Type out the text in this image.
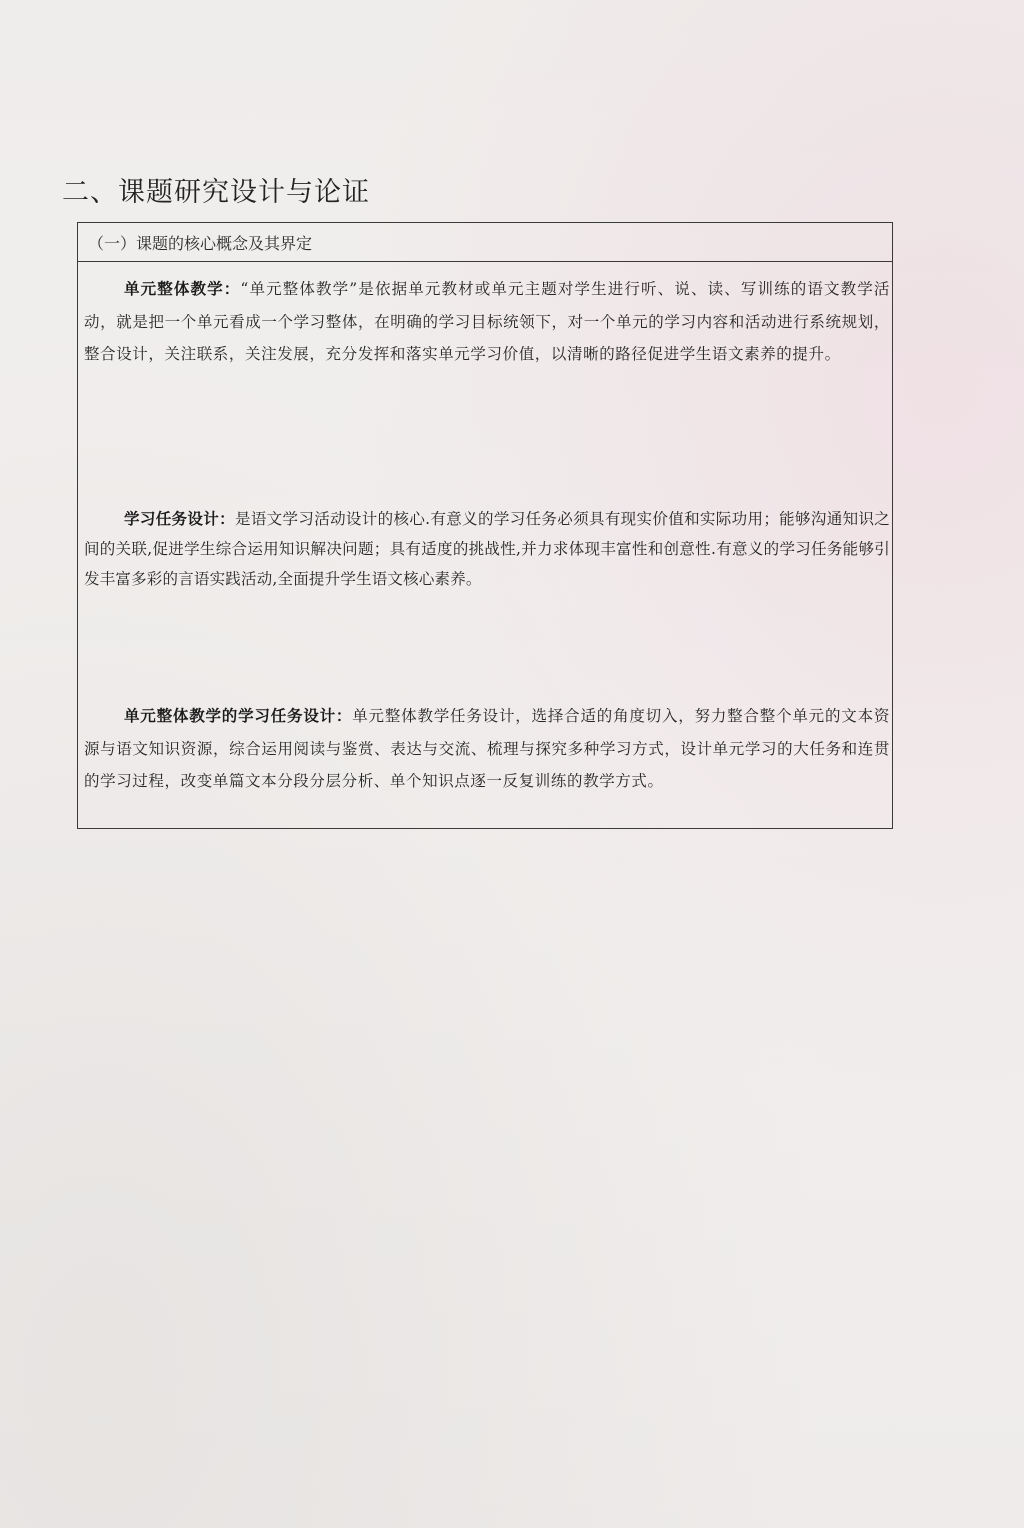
二、课题研究设计与论证
（一）课题的核心概念及其界定

单元整体教学：“单元整体教学”是依据单元教材或单元主题对学生进行听、说、读、写训练的语文教学活动，就是把一个单元看成一个学习整体，在明确的学习目标统领下，对一个单元的学习内容和活动进行系统规划，整合设计，关注联系，关注发展，充分发挥和落实单元学习价值，以清晰的路径促进学生语文素养的提升。

学习任务设计：是语文学习活动设计的核心.有意义的学习任务必须具有现实价值和实际功用；能够沟通知识之间的关联,促进学生综合运用知识解决问题；具有适度的挑战性,并力求体现丰富性和创意性.有意义的学习任务能够引发丰富多彩的言语实践活动,全面提升学生语文核心素养。

单元整体教学的学习任务设计：单元整体教学任务设计，选择合适的角度切入，努力整合整个单元的文本资源与语文知识资源，综合运用阅读与鉴赏、表达与交流、梳理与探究多种学习方式，设计单元学习的大任务和连贯的学习过程，改变单篇文本分段分层分析、单个知识点逐一反复训练的教学方式。
